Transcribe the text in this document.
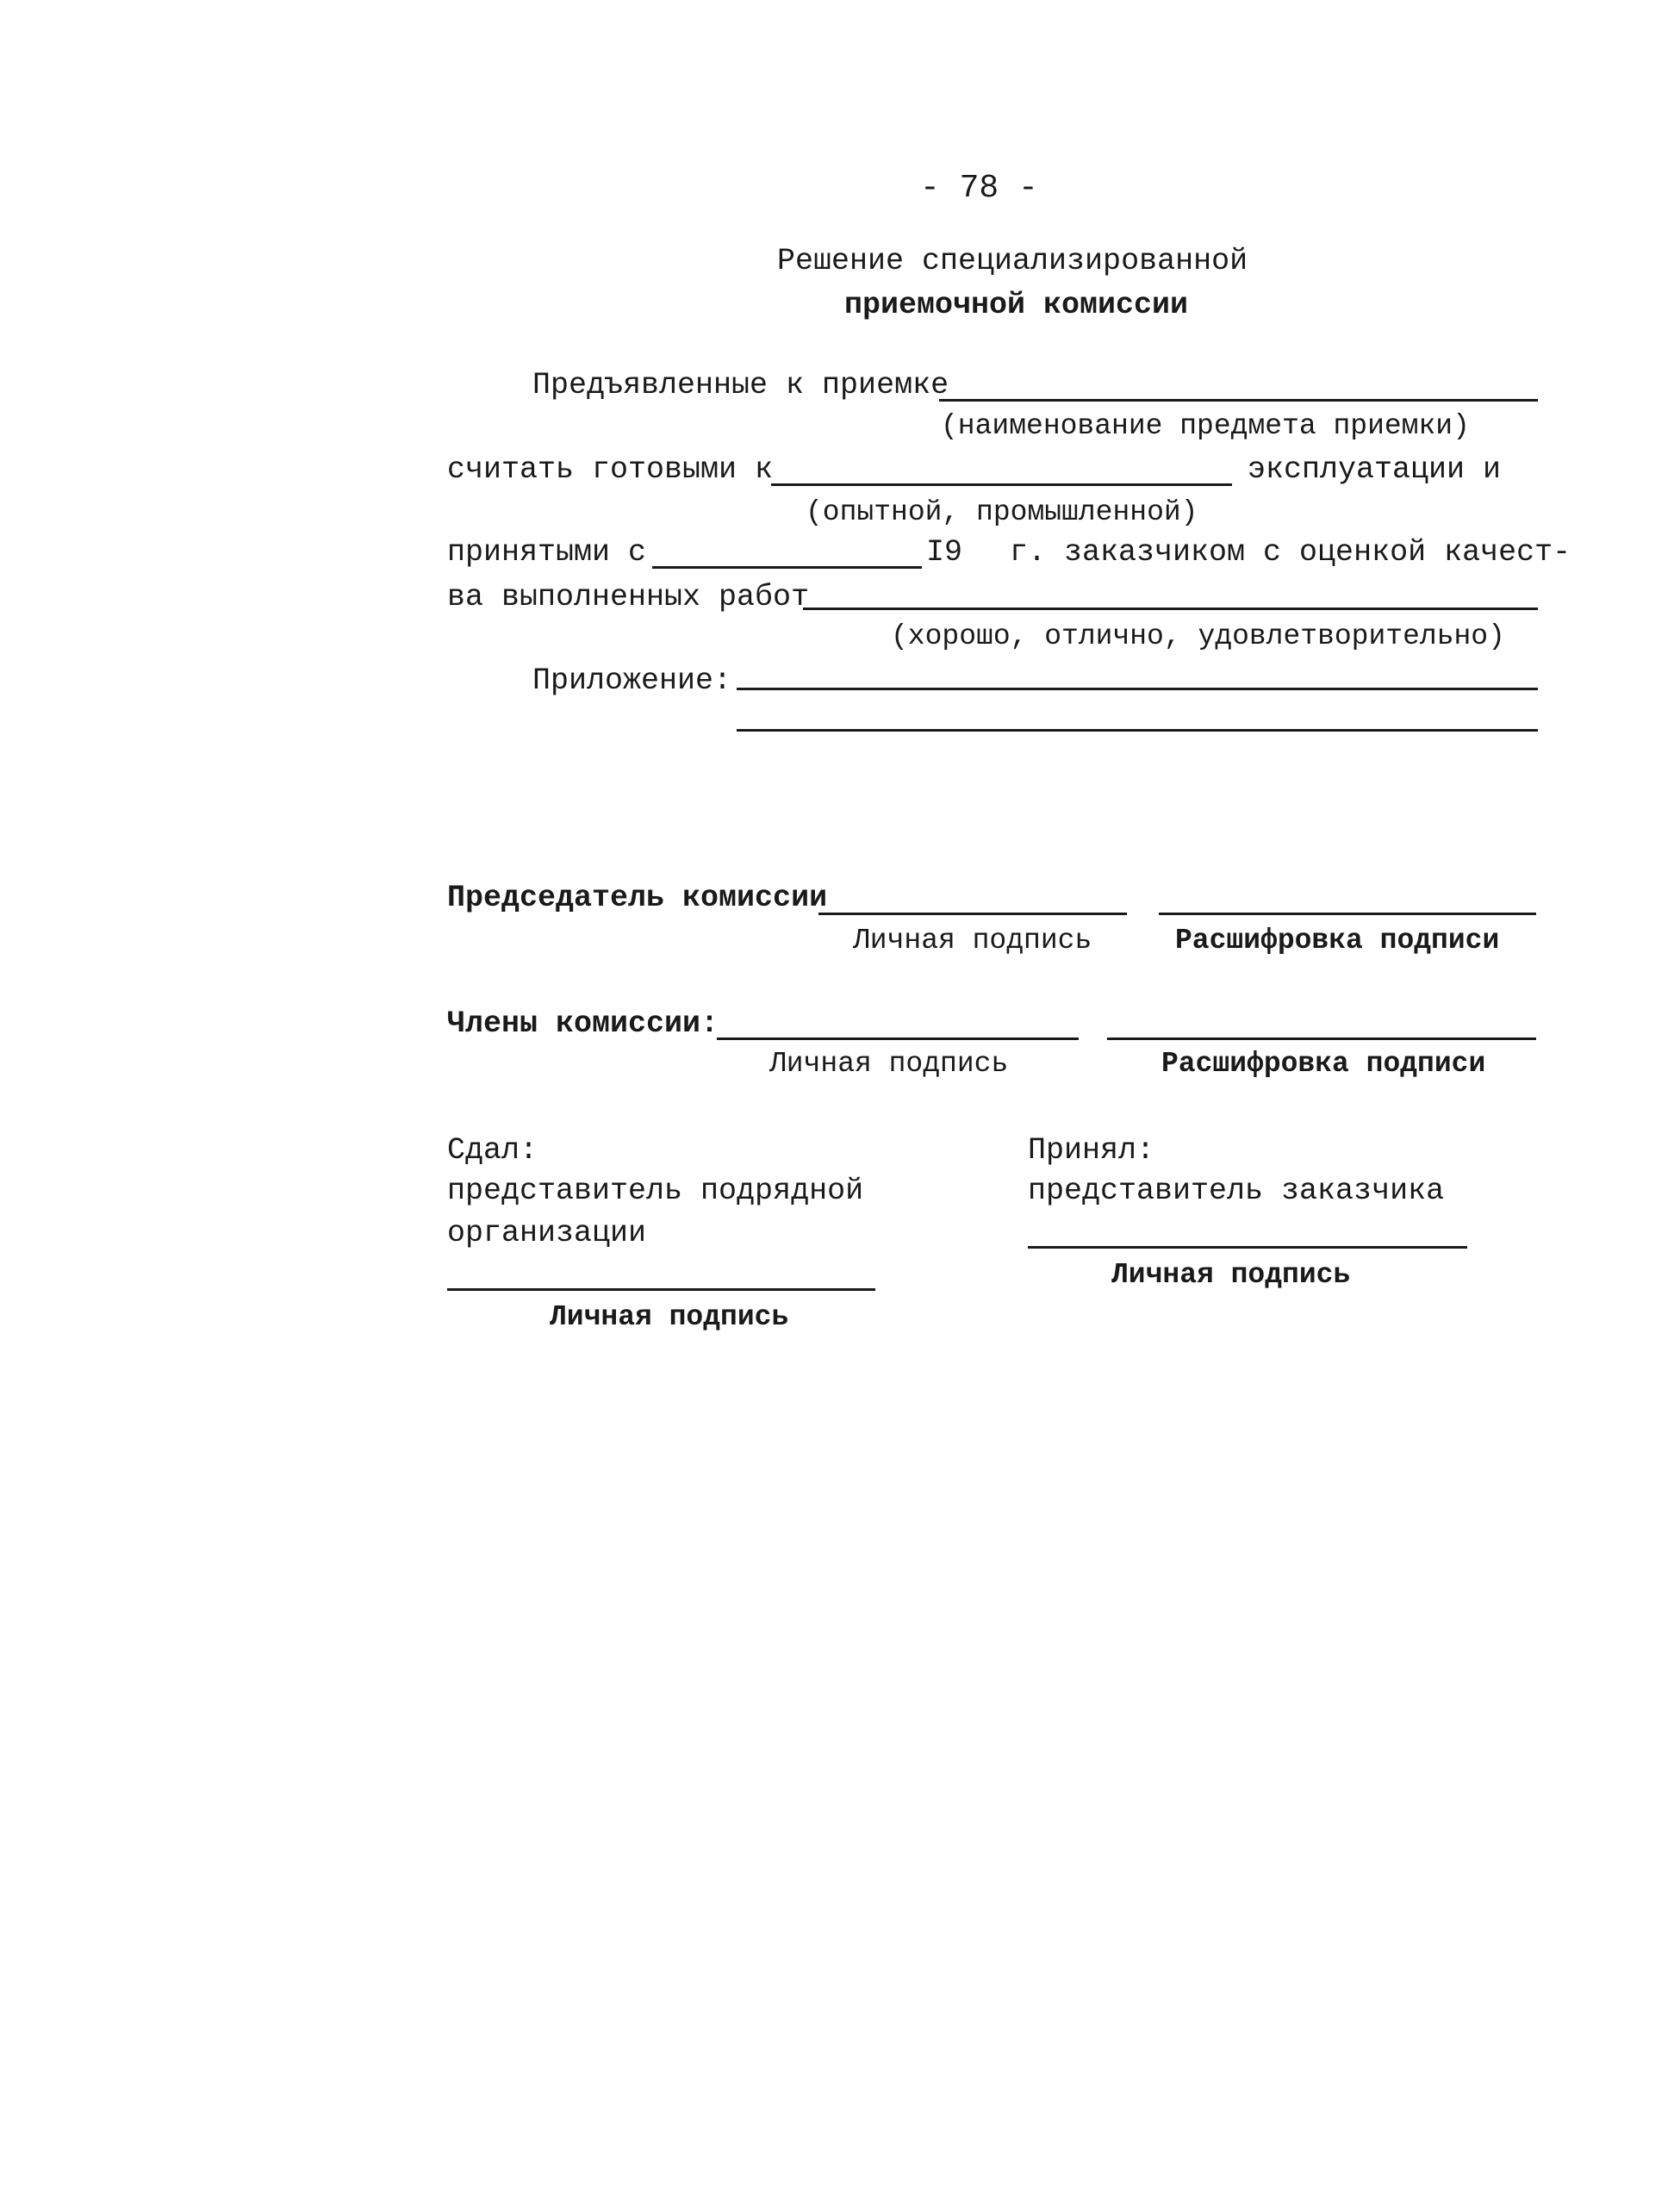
- 78 -
Решение специализированной
приемочной комиссии
Предъявленные к приемке
(наименование предмета приемки)
считать готовыми к	эксплуатации и
(опытной, промышленной)
принятыми с	I9 г. заказчиком с оценкой качест-
ва выполненных работ
(хорошо, отлично, удовлетворительно)
Приложение:
Председатель комиссии
Личная подпись	Расшифровка подписи
Члены комиссии:
Личная подпись	Расшифровка подписи
Сдал:
представитель подрядной
организации
Личная подпись
Принял:
представитель заказчика
Личная подпись
